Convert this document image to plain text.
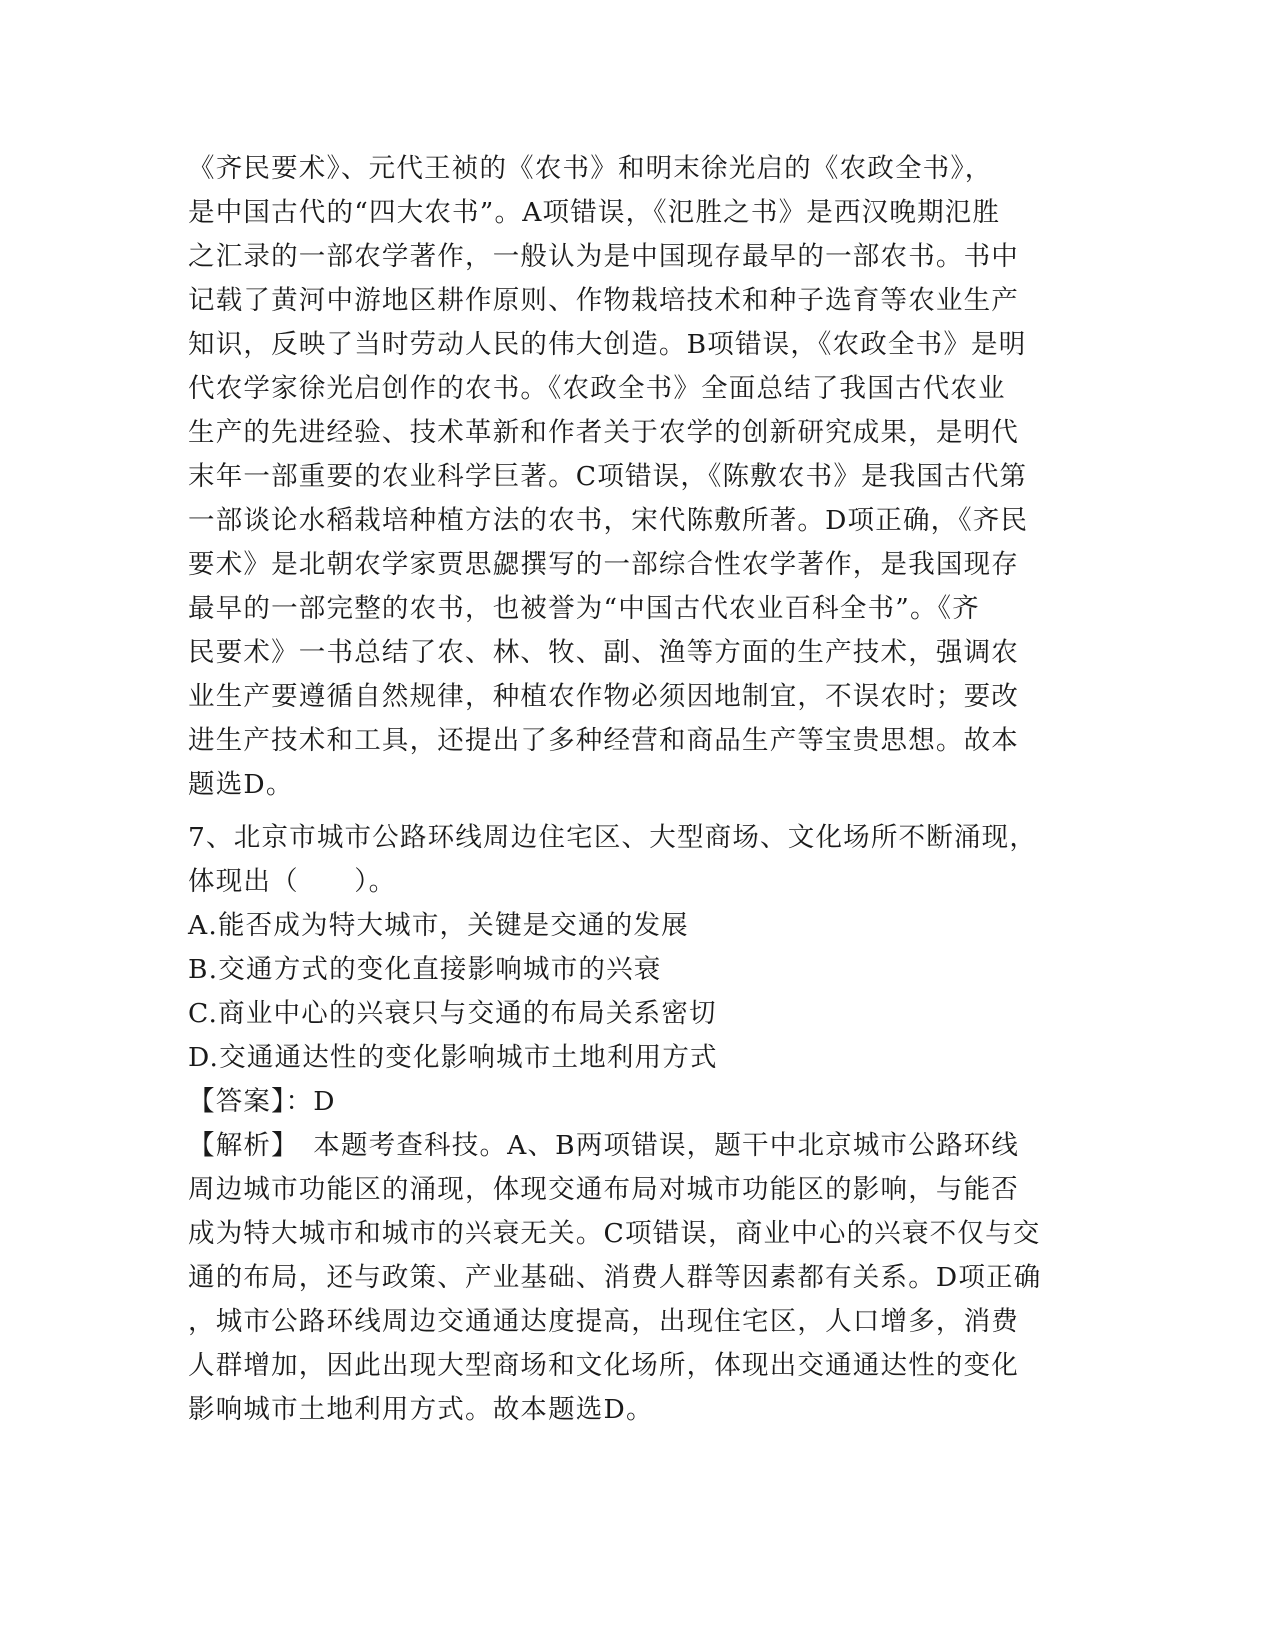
《齐民要术》、元代王祯的《农书》和明末徐光启的《农政全书》，
是中国古代的“四大农书”。A项错误，《氾胜之书》是西汉晚期氾胜
之汇录的一部农学著作，一般认为是中国现存最早的一部农书。书中
记载了黄河中游地区耕作原则、作物栽培技术和种子选育等农业生产
知识，反映了当时劳动人民的伟大创造。B项错误，《农政全书》是明
代农学家徐光启创作的农书。《农政全书》全面总结了我国古代农业
生产的先进经验、技术革新和作者关于农学的创新研究成果，是明代
末年一部重要的农业科学巨著。C项错误，《陈敷农书》是我国古代第
一部谈论水稻栽培种植方法的农书，宋代陈敷所著。D项正确，《齐民
要术》是北朝农学家贾思勰撰写的一部综合性农学著作，是我国现存
最早的一部完整的农书，也被誉为“中国古代农业百科全书”。《齐
民要术》一书总结了农、林、牧、副、渔等方面的生产技术，强调农
业生产要遵循自然规律，种植农作物必须因地制宜，不误农时；要改
进生产技术和工具，还提出了多种经营和商品生产等宝贵思想。故本
题选D。
7、北京市城市公路环线周边住宅区、大型商场、文化场所不断涌现，
体现出（　　）。
A.能否成为特大城市，关键是交通的发展
B.交通方式的变化直接影响城市的兴衰
C.商业中心的兴衰只与交通的布局关系密切
D.交通通达性的变化影响城市土地利用方式
【答案】：D
【解析】　本题考查科技。A、B两项错误，题干中北京城市公路环线
周边城市功能区的涌现，体现交通布局对城市功能区的影响，与能否
成为特大城市和城市的兴衰无关。C项错误，商业中心的兴衰不仅与交
通的布局，还与政策、产业基础、消费人群等因素都有关系。D项正确
，城市公路环线周边交通通达度提高，出现住宅区，人口增多，消费
人群增加，因此出现大型商场和文化场所，体现出交通通达性的变化
影响城市土地利用方式。故本题选D。
